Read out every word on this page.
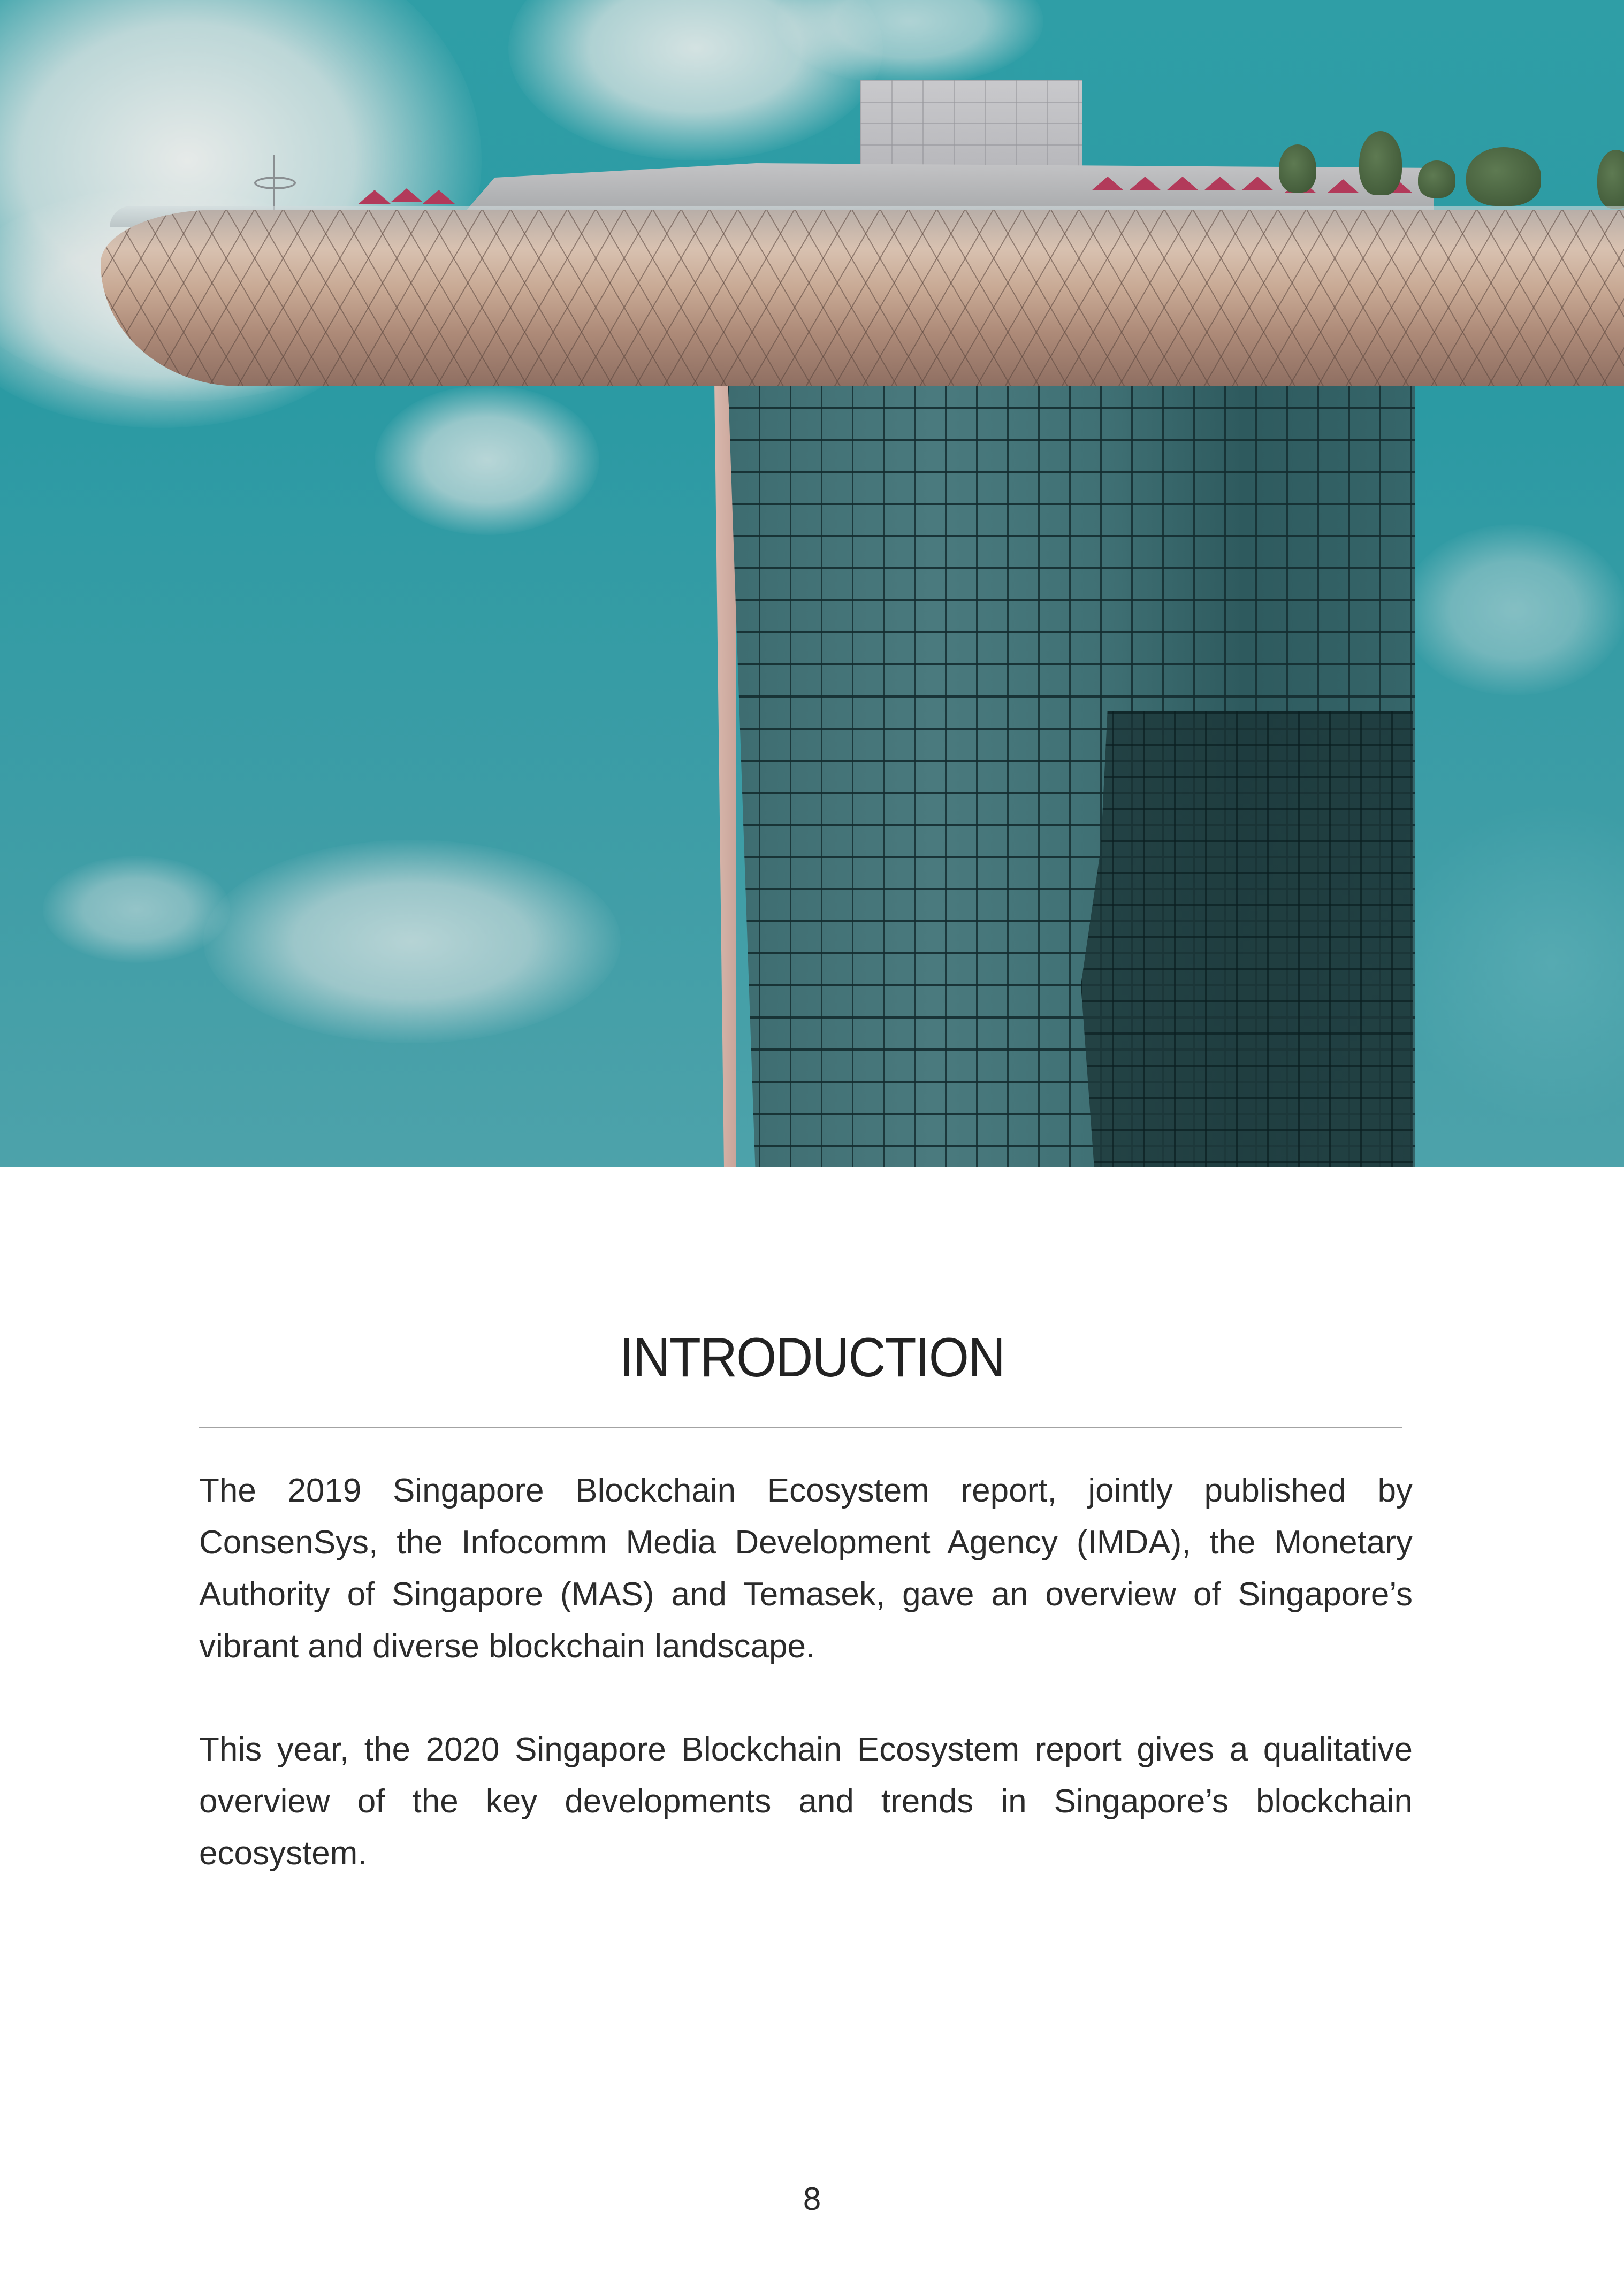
INTRODUCTION

The 2019 Singapore Blockchain Ecosystem report, jointly published by ConsenSys, the Infocomm Media Development Agency (IMDA), the Monetary Authority of Singapore (MAS) and Temasek, gave an overview of Singapore’s vibrant and diverse blockchain landscape.

This year, the 2020 Singapore Blockchain Ecosystem report gives a qualitative overview of the key developments and trends in Singapore’s blockchain ecosystem.

8
